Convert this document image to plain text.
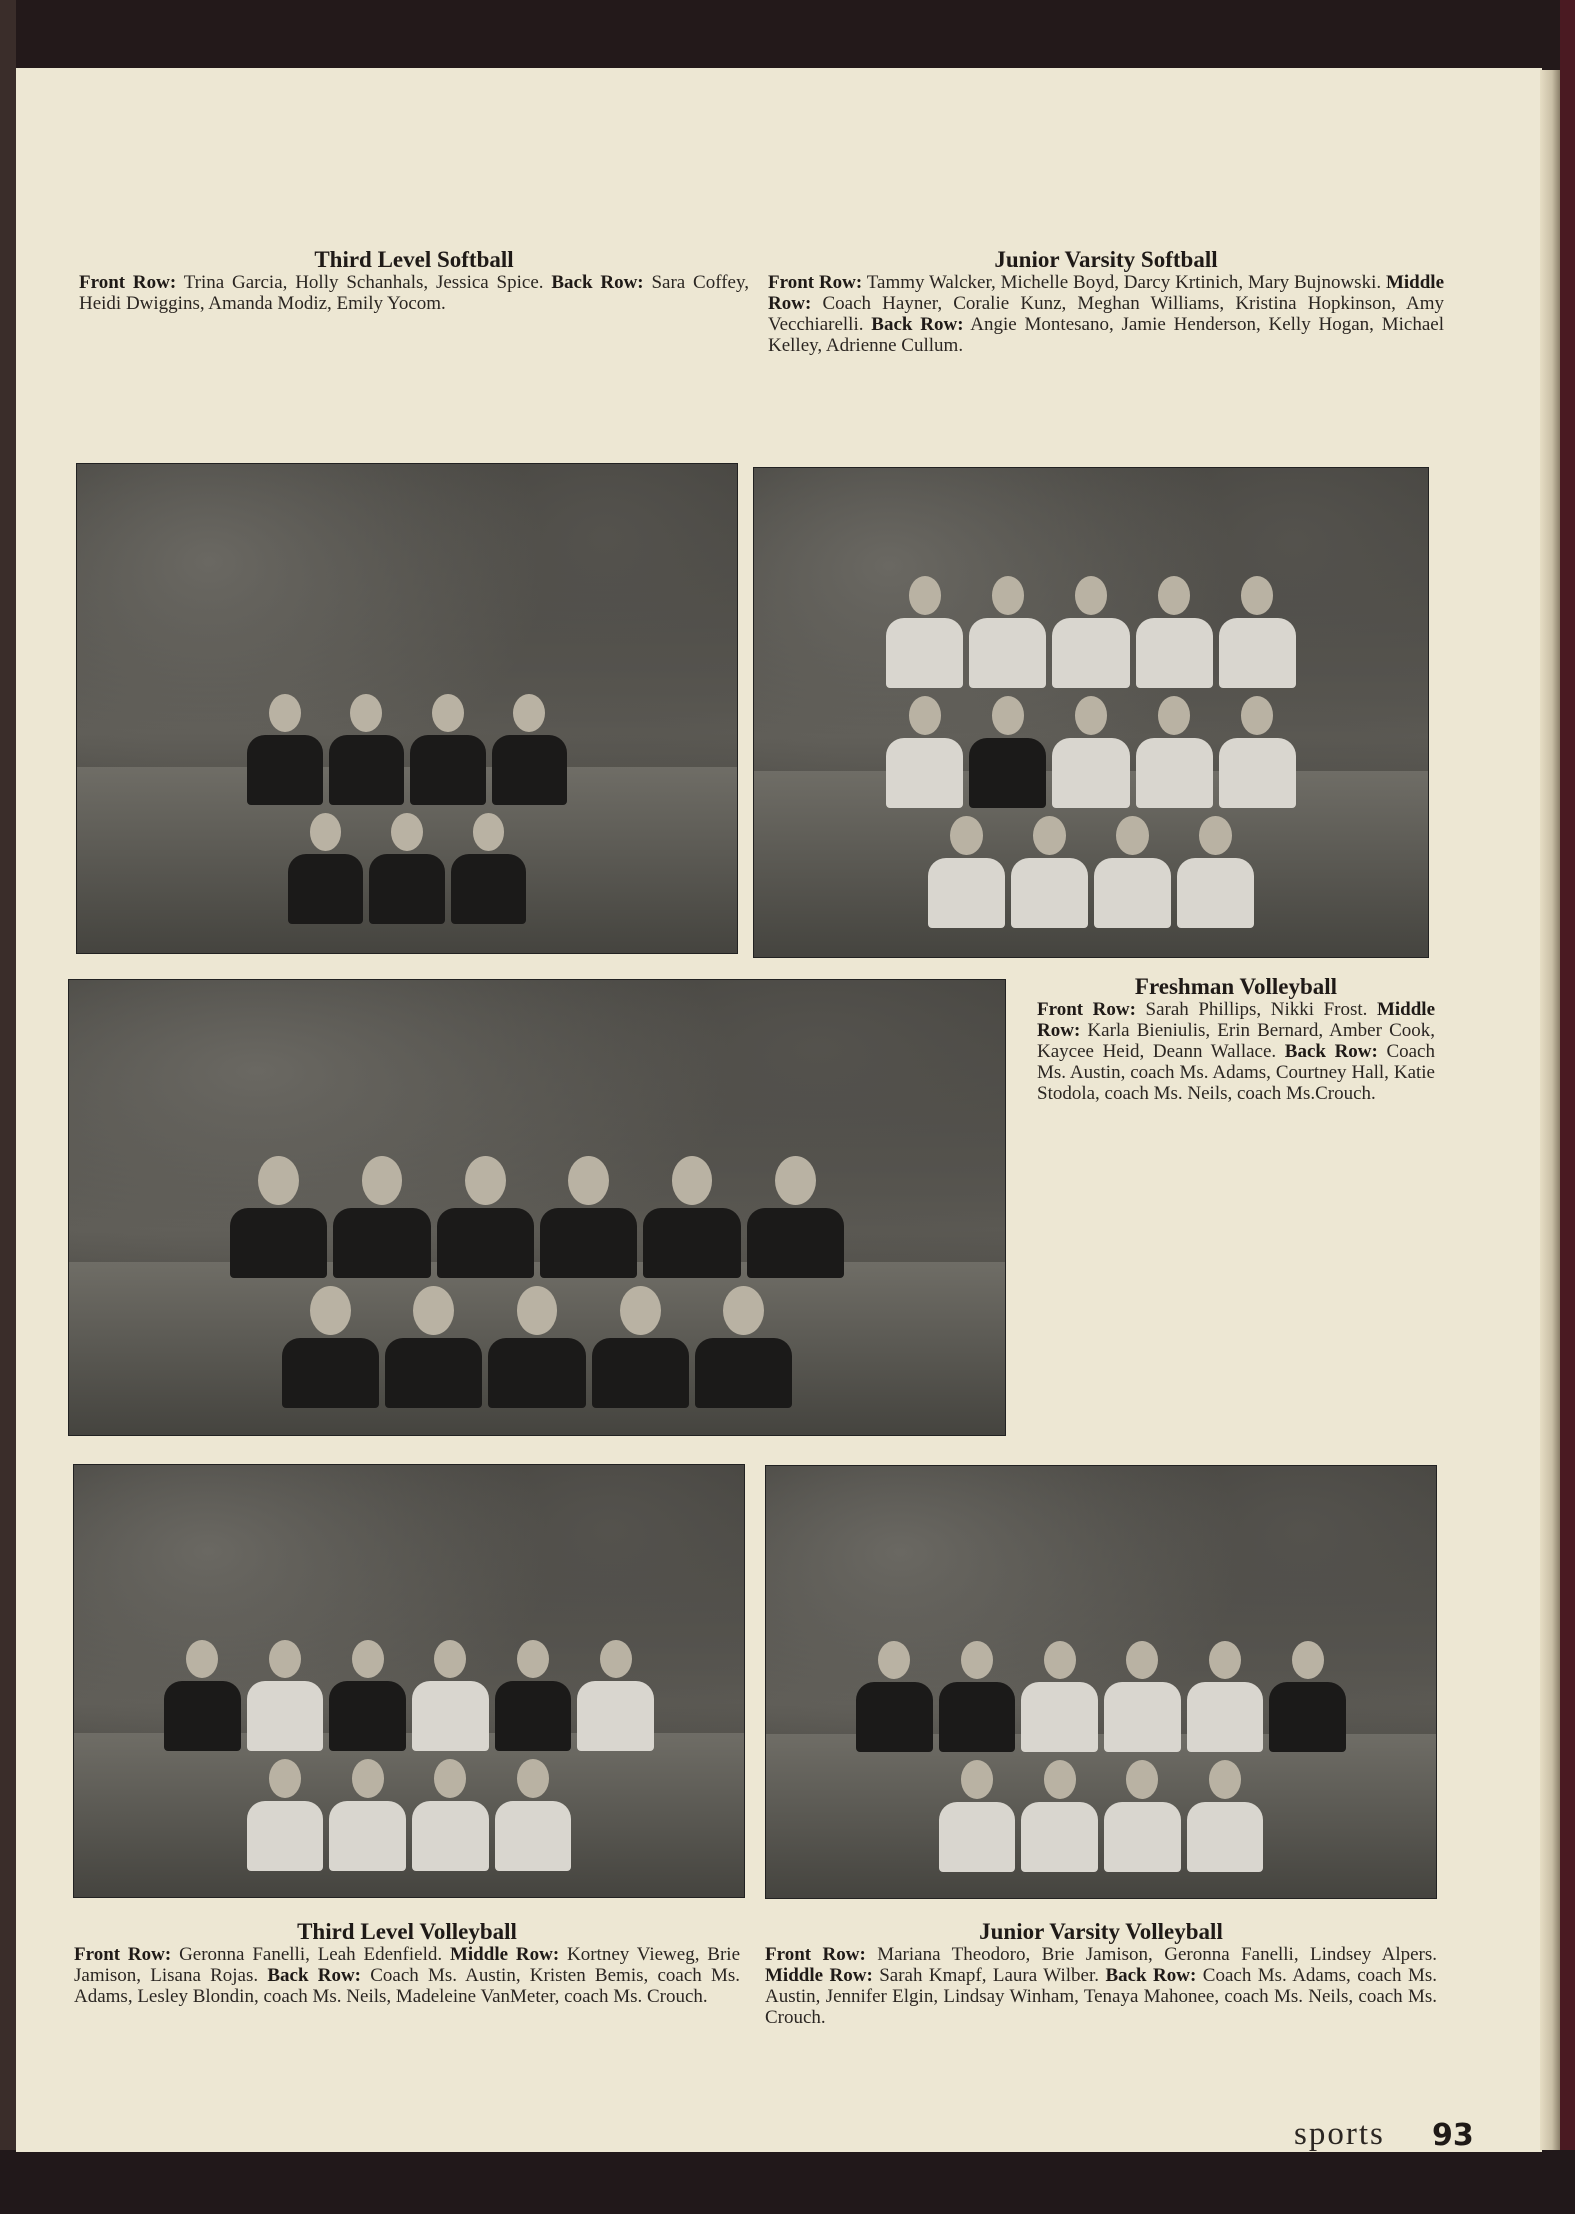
Third Level Softball
Front Row: Trina Garcia, Holly Schanhals, Jessica Spice. Back Row: Sara Coffey, Heidi Dwiggins, Amanda Modiz, Emily Yocom.
Junior Varsity Softball
Front Row: Tammy Walcker, Michelle Boyd, Darcy Krtinich, Mary Bujnowski. Middle Row: Coach Hayner, Coralie Kunz, Meghan Williams, Kristina Hopkinson, Amy Vecchiarelli. Back Row: Angie Montesano, Jamie Henderson, Kelly Hogan, Michael Kelley, Adrienne Cullum.
Freshman Volleyball
Front Row: Sarah Phillips, Nikki Frost. Middle Row: Karla Bieniulis, Erin Bernard, Amber Cook, Kaycee Heid, Deann Wallace. Back Row: Coach Ms. Austin, coach Ms. Adams, Courtney Hall, Katie Stodola, coach Ms. Neils, coach Ms.Crouch.
Third Level Volleyball
Front Row: Geronna Fanelli, Leah Edenfield. Middle Row: Kortney Vieweg, Brie Jamison, Lisana Rojas. Back Row: Coach Ms. Austin, Kristen Bemis, coach Ms. Adams, Lesley Blondin, coach Ms. Neils, Madeleine VanMeter, coach Ms. Crouch.
Junior Varsity Volleyball
Front Row: Mariana Theodoro, Brie Jamison, Geronna Fanelli, Lindsey Alpers. Middle Row: Sarah Kmapf, Laura Wilber. Back Row: Coach Ms. Adams, coach Ms. Austin, Jennifer Elgin, Lindsay Winham, Tenaya Mahonee, coach Ms. Neils, coach Ms. Crouch.
sports 93
